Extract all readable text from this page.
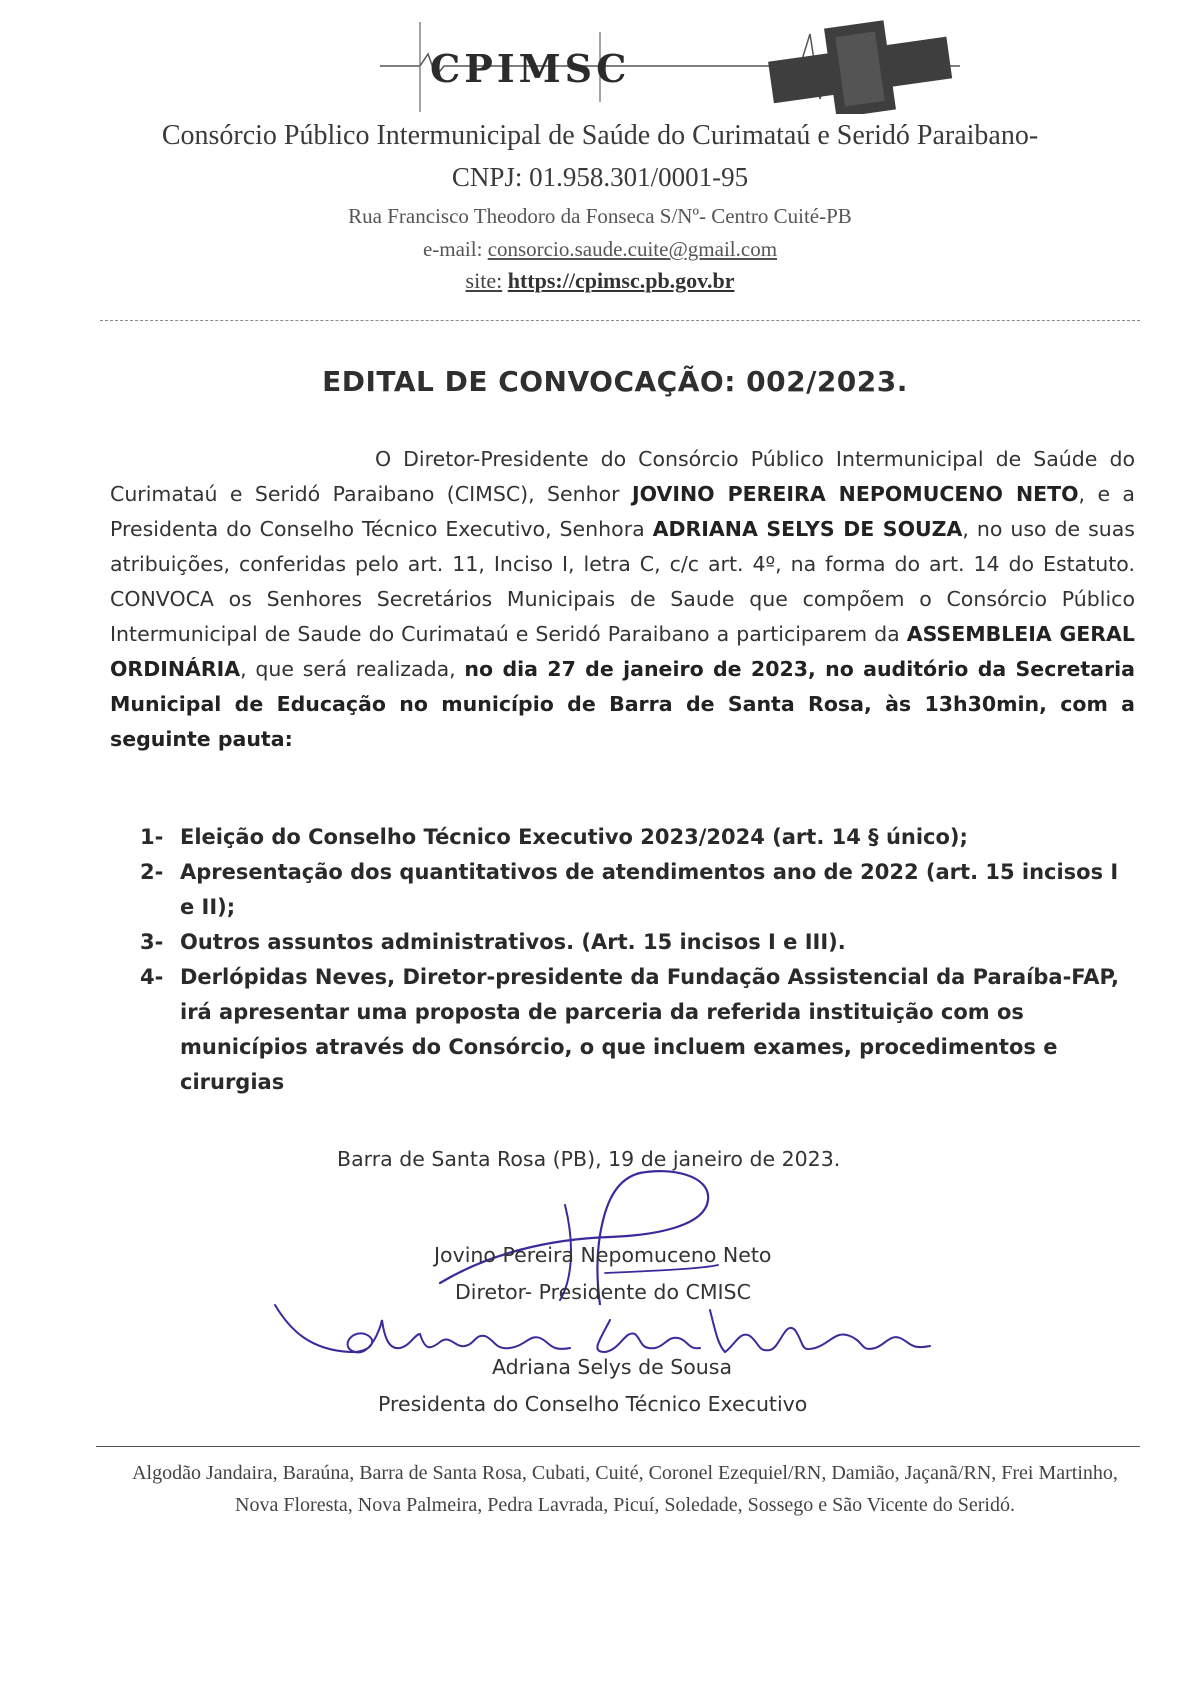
CPIMSC
Consórcio Público Intermunicipal de Saúde do Curimataú e Seridó Paraibano-
CNPJ: 01.958.301/0001-95
Rua Francisco Theodoro da Fonseca S/Nº- Centro Cuité-PB
e-mail: consorcio.saude.cuite@gmail.com
site: https://cpimsc.pb.gov.br
EDITAL DE CONVOCAÇÃO: 002/2023.
O Diretor-Presidente do Consórcio Público Intermunicipal de Saúde do Curimataú e Seridó Paraibano (CIMSC), Senhor JOVINO PEREIRA NEPOMUCENO NETO, e a Presidenta do Conselho Técnico Executivo, Senhora ADRIANA SELYS DE SOUZA, no uso de suas atribuições, conferidas pelo art. 11, Inciso I, letra C, c/c art. 4º, na forma do art. 14 do Estatuto. CONVOCA os Senhores Secretários Municipais de Saude que compõem o Consórcio Público Intermunicipal de Saude do Curimataú e Seridó Paraibano a participarem da ASSEMBLEIA GERAL ORDINÁRIA, que será realizada, no dia 27 de janeiro de 2023, no auditório da Secretaria Municipal de Educação no município de Barra de Santa Rosa, às 13h30min, com a seguinte pauta:
1- Eleição do Conselho Técnico Executivo 2023/2024 (art. 14 § único);
2- Apresentação dos quantitativos de atendimentos ano de 2022 (art. 15 incisos I e II);
3- Outros assuntos administrativos. (Art. 15 incisos I e III).
4- Derlópidas Neves, Diretor-presidente da Fundação Assistencial da Paraíba-FAP, irá apresentar uma proposta de parceria da referida instituição com os municípios através do Consórcio, o que incluem exames, procedimentos e cirurgias
Barra de Santa Rosa (PB), 19 de janeiro de 2023.
Jovino Pereira Nepomuceno Neto
Diretor- Presidente do CMISC
Adriana Selys de Sousa
Presidenta do Conselho Técnico Executivo
Algodão Jandaira, Baraúna, Barra de Santa Rosa, Cubati, Cuité, Coronel Ezequiel/RN, Damião, Jaçanã/RN, Frei Martinho, Nova Floresta, Nova Palmeira, Pedra Lavrada, Picuí, Soledade, Sossego e São Vicente do Seridó.
